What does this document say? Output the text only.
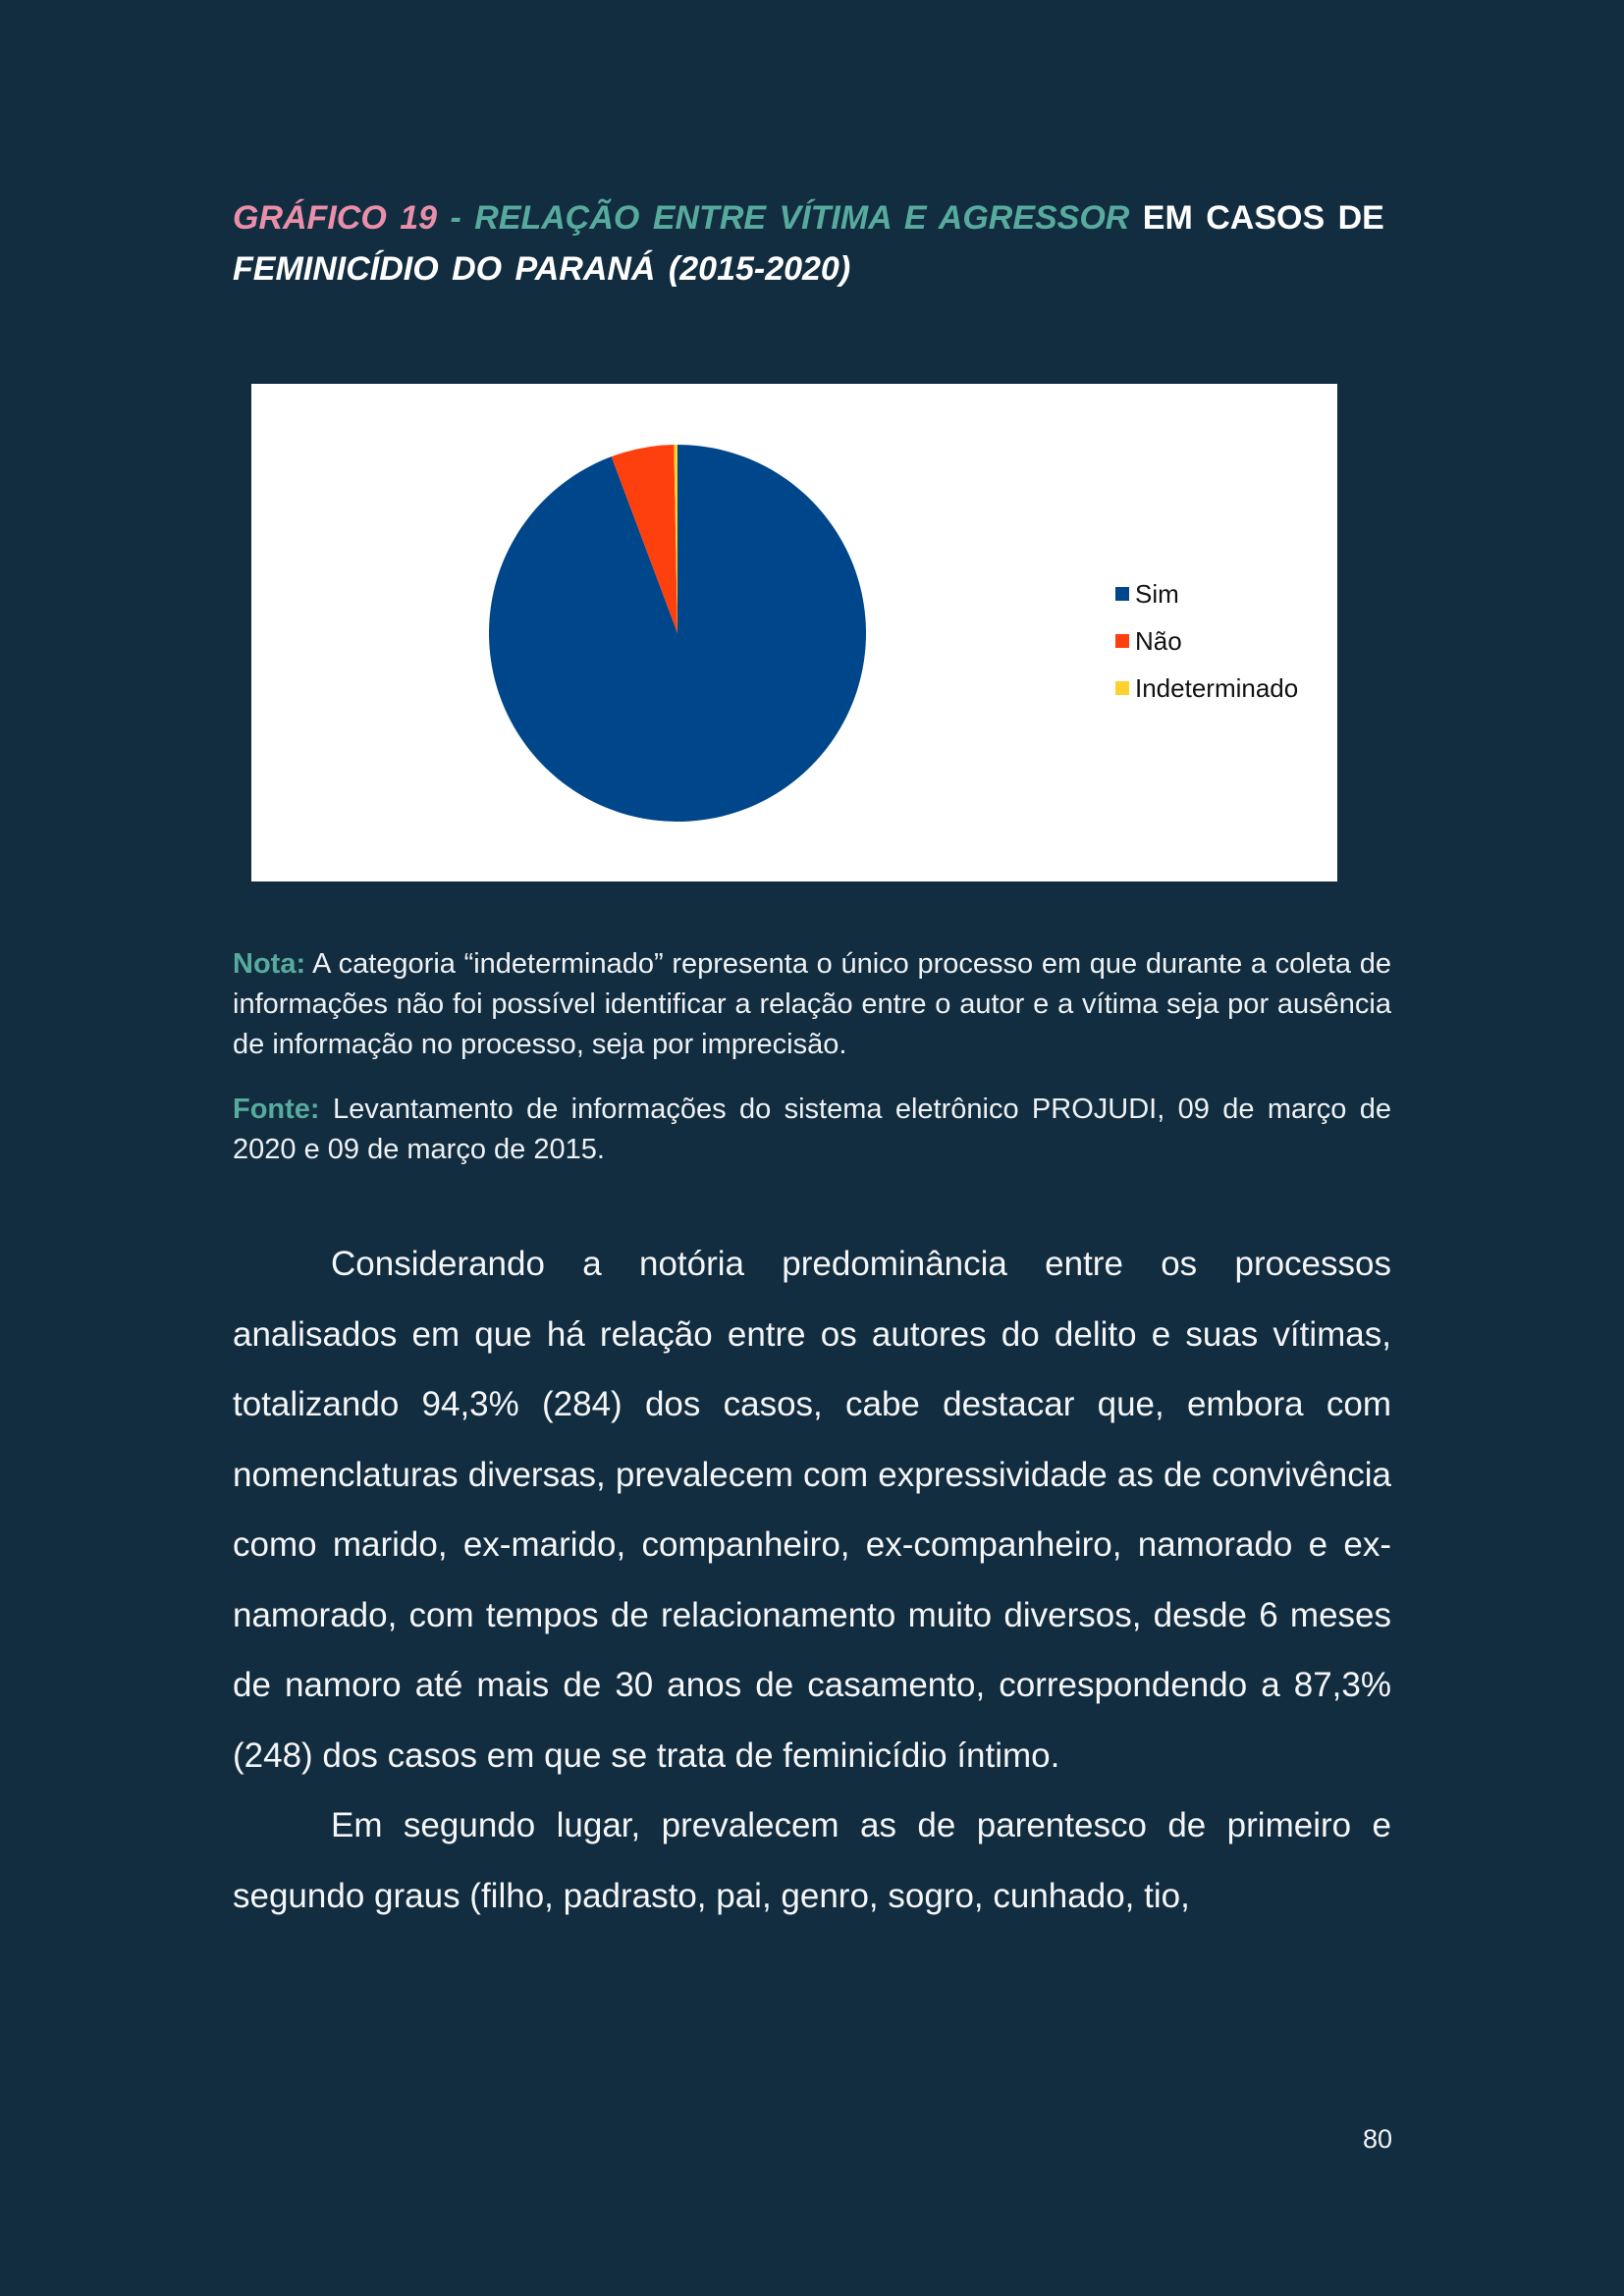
GRÁFICO 19 - RELAÇÃO ENTRE VÍTIMA E AGRESSOR EM CASOS DE
FEMINICÍDIO DO PARANÁ (2015-2020)
Sim
Não
Indeterminado
Nota: A categoria “indeterminado” representa o único processo em que durante a coleta de informações não foi possível identificar a relação entre o autor e a vítima seja por ausência de informação no processo, seja por imprecisão.
Fonte: Levantamento de informações do sistema eletrônico PROJUDI, 09 de março de 2020 e 09 de março de 2015.

Considerando a notória predominância entre os processos analisados em que há relação entre os autores do delito e suas vítimas, totalizando 94,3% (284) dos casos, cabe destacar que, embora com nomenclaturas diversas, prevalecem com expressividade as de convivência como marido, ex-marido, companheiro, ex-companheiro, namorado e ex-namorado, com tempos de relacionamento muito diversos, desde 6 meses de namoro até mais de 30 anos de casamento, correspondendo a 87,3% (248) dos casos em que se trata de feminicídio íntimo.

Em segundo lugar, prevalecem as de parentesco de primeiro e segundo graus (filho, padrasto, pai, genro, sogro, cunhado, tio,

80
